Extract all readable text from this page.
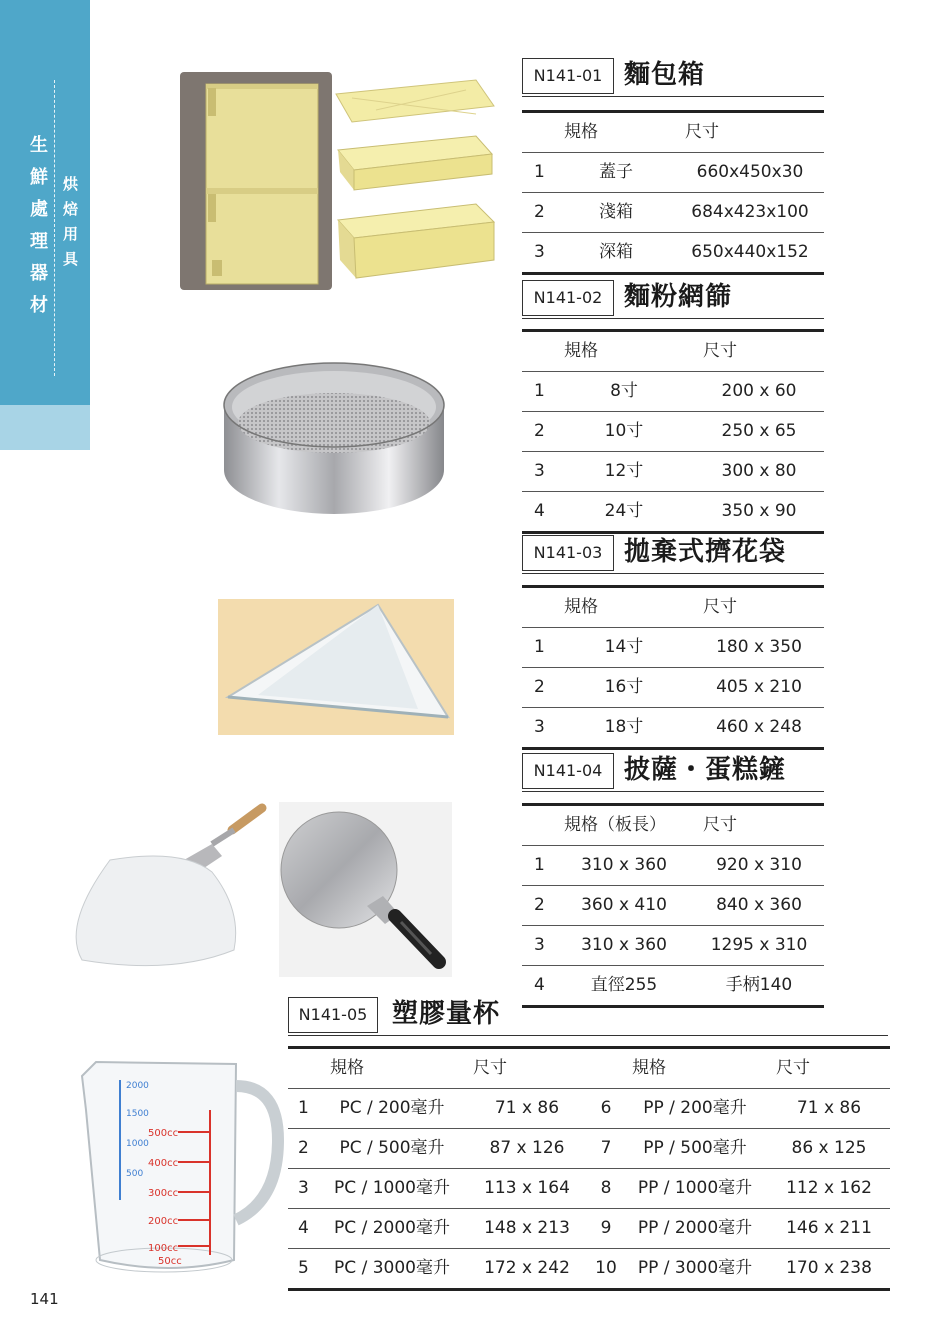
生鮮處理器材 烘焙用具
141
500cc
400cc
300cc
200cc
100cc
50cc
2000
1500
1000
500
N141-01 麵包箱
規格	尺寸
1	蓋子	660x450x30
2	淺箱	684x423x100
3	深箱	650x440x152
N141-02 麵粉網篩
規格	尺寸
1	8寸	200 x 60
2	10寸	250 x 65
3	12寸	300 x 80
4	24寸	350 x 90
N141-03 拋棄式擠花袋
規格	尺寸
1	14寸	180 x 350
2	16寸	405 x 210
3	18寸	460 x 248
N141-04 披薩・蛋糕鏟
規格（板長） 尺寸
1 310 x 360	920 x 310
2 360 x 410	840 x 360
3 310 x 360	1295 x 310
4	直徑255	手柄140
N141-05 塑膠量杯
規格	尺寸	規格	尺寸
1 PC / 200毫升	71 x 86 6 PP / 200毫升	71 x 86
2 PC / 500毫升	87 x 126 7 PP / 500毫升	86 x 125
3 PC / 1000毫升 113 x 164 8 PP / 1000毫升 112 x 162
4 PC / 2000毫升 148 x 213 9 PP / 2000毫升 146 x 211
5 PC / 3000毫升 172 x 242 10 PP / 3000毫升 170 x 238
